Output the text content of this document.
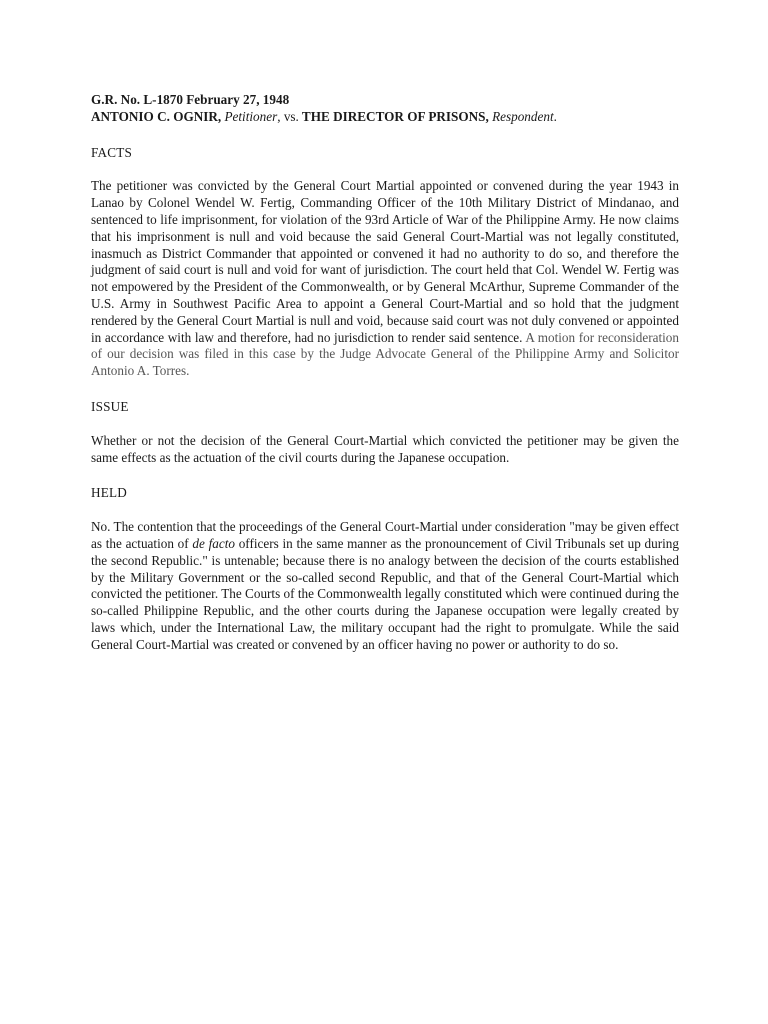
G.R. No. L-1870 February 27, 1948

ANTONIO C. OGNIR, Petitioner, vs. THE DIRECTOR OF PRISONS, Respondent.

FACTS

The petitioner was convicted by the General Court Martial appointed or convened during the year 1943 in Lanao by Colonel Wendel W. Fertig, Commanding Officer of the 10th Military District of Mindanao, and sentenced to life imprisonment, for violation of the 93rd Article of War of the Philippine Army. He now claims that his imprisonment is null and void because the said General Court-Martial was not legally constituted, inasmuch as District Commander that appointed or convened it had no authority to do so, and therefore the judgment of said court is null and void for want of jurisdiction. The court held that Col. Wendel W. Fertig was not empowered by the President of the Commonwealth, or by General McArthur, Supreme Commander of the U.S. Army in Southwest Pacific Area to appoint a General Court-Martial and so hold that the judgment rendered by the General Court Martial is null and void, because said court was not duly convened or appointed in accordance with law and therefore, had no jurisdiction to render said sentence. A motion for reconsideration of our decision was filed in this case by the Judge Advocate General of the Philippine Army and Solicitor Antonio A. Torres.

ISSUE

Whether or not the decision of the General Court-Martial which convicted the petitioner may be given the same effects as the actuation of the civil courts during the Japanese occupation.

HELD

No. The contention that the proceedings of the General Court-Martial under consideration "may be given effect as the actuation of de facto officers in the same manner as the pronouncement of Civil Tribunals set up during the second Republic." is untenable; because there is no analogy between the decision of the courts established by the Military Government or the so-called second Republic, and that of the General Court-Martial which convicted the petitioner. The Courts of the Commonwealth legally constituted which were continued during the so-called Philippine Republic, and the other courts during the Japanese occupation were legally created by laws which, under the International Law, the military occupant had the right to promulgate. While the said General Court-Martial was created or convened by an officer having no power or authority to do so.
